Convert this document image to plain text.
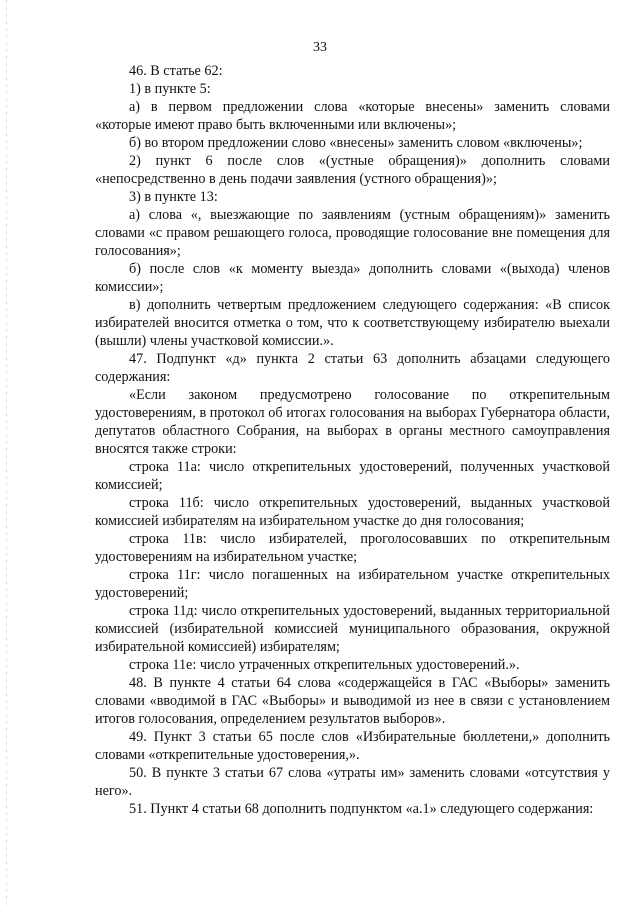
33

46. В статье 62:

1) в пункте 5:

а) в первом предложении слова «которые внесены» заменить словами «которые имеют право быть включенными или включены»;

б) во втором предложении слово «внесены» заменить словом «включены»;

2) пункт 6 после слов «(устные обращения)» дополнить словами «непосредственно в день подачи заявления (устного обращения)»;

3) в пункте 13:

а) слова «, выезжающие по заявлениям (устным обращениям)» заменить словами «с правом решающего голоса, проводящие голосование вне помещения для голосования»;

б) после слов «к моменту выезда» дополнить словами «(выхода) членов комиссии»;

в) дополнить четвертым предложением следующего содержания: «В список избирателей вносится отметка о том, что к соответствующему избирателю выехали (вышли) члены участковой комиссии.».

47. Подпункт «д» пункта 2 статьи 63 дополнить абзацами следующего содержания:

«Если законом предусмотрено голосование по открепительным удостоверениям, в протокол об итогах голосования на выборах Губернатора области, депутатов областного Собрания, на выборах в органы местного самоуправления вносятся также строки:

строка 11а: число открепительных удостоверений, полученных участковой комиссией;

строка 11б: число открепительных удостоверений, выданных участковой комиссией избирателям на избирательном участке до дня голосования;

строка 11в: число избирателей, проголосовавших по открепительным удостоверениям на избирательном участке;

строка 11г: число погашенных на избирательном участке открепительных удостоверений;

строка 11д: число открепительных удостоверений, выданных территориальной комиссией (избирательной комиссией муниципального образования, окружной избирательной комиссией) избирателям;

строка 11е: число утраченных открепительных удостоверений.».

48. В пункте 4 статьи 64 слова «содержащейся в ГАС «Выборы» заменить словами «вводимой в ГАС «Выборы» и выводимой из нее в связи с установлением итогов голосования, определением результатов выборов».

49. Пункт 3 статьи 65 после слов «Избирательные бюллетени,» дополнить словами «открепительные удостоверения,».

50. В пункте 3 статьи 67 слова «утраты им» заменить словами «отсутствия у него».

51. Пункт 4 статьи 68 дополнить подпунктом «а.1» следующего содержания:
